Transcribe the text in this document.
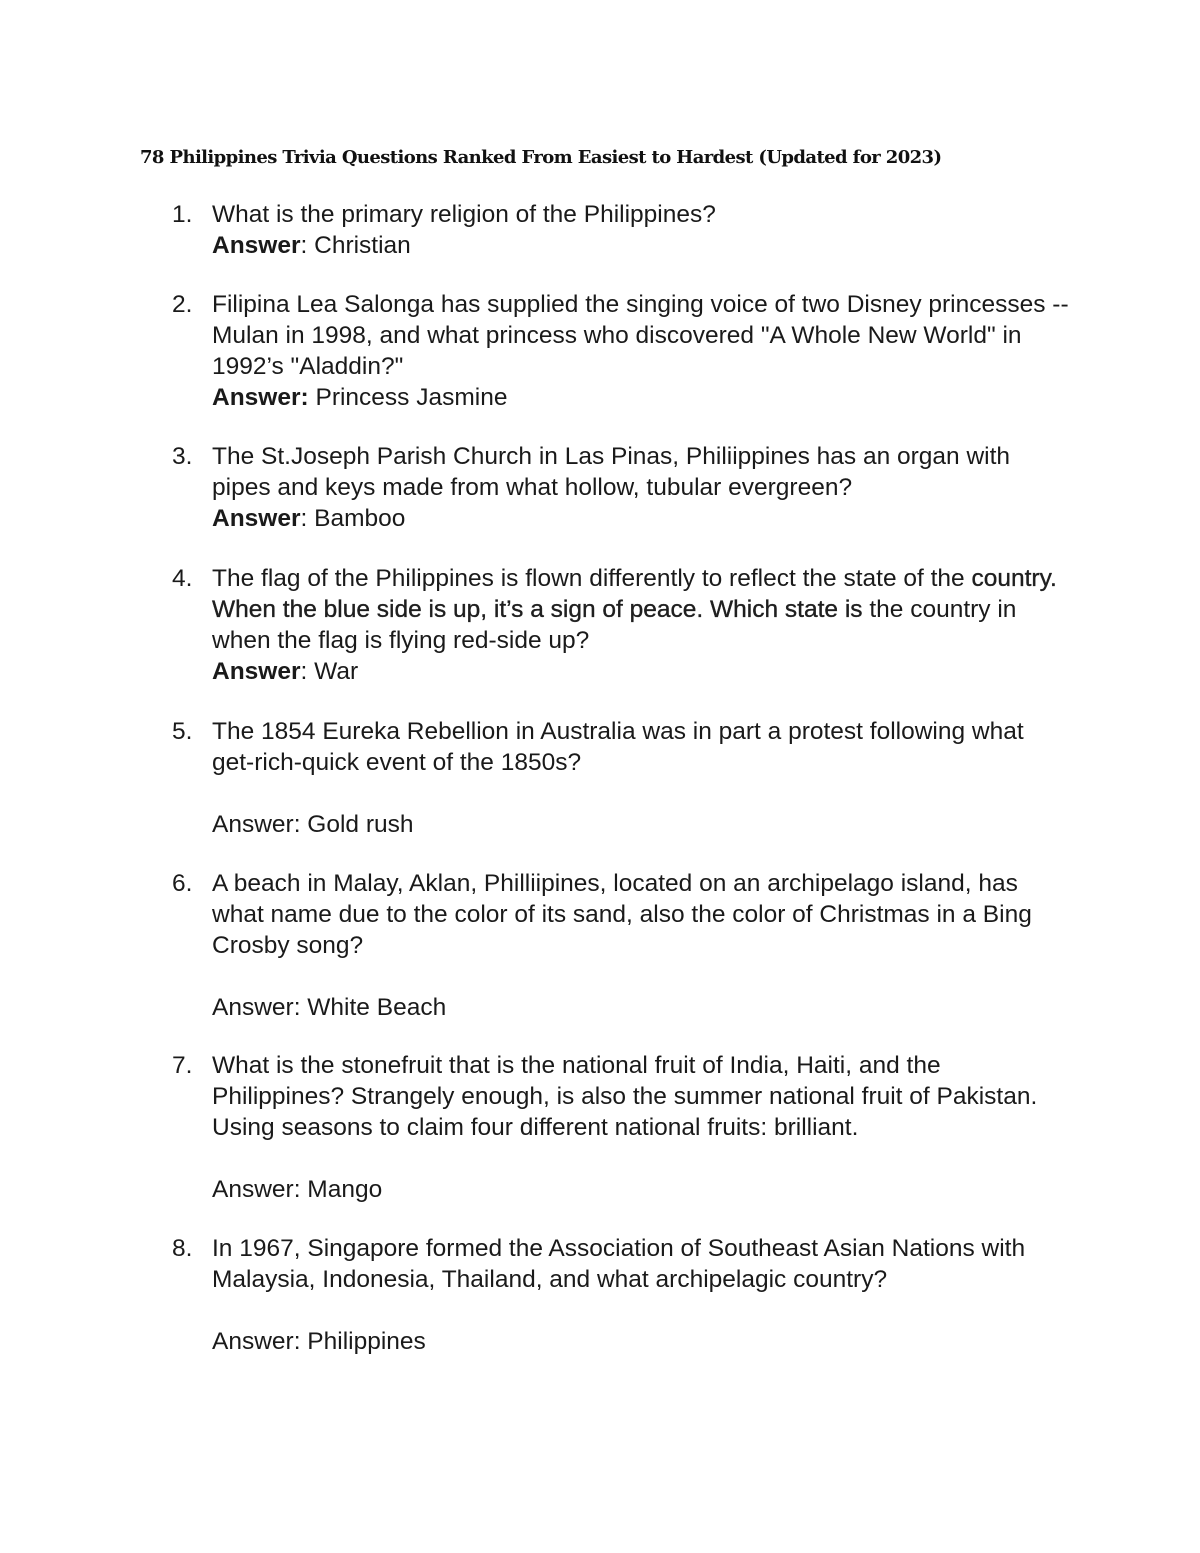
78 Philippines Trivia Questions Ranked From Easiest to Hardest (Updated for 2023)
1. What is the primary religion of the Philippines?
Answer: Christian
2. Filipina Lea Salonga has supplied the singing voice of two Disney princesses -- Mulan in 1998, and what princess who discovered "A Whole New World" in 1992’s "Aladdin?"
Answer: Princess Jasmine
3. The St.Joseph Parish Church in Las Pinas, Philiippines has an organ with pipes and keys made from what hollow, tubular evergreen?
Answer: Bamboo
4. The flag of the Philippines is flown differently to reflect the state of the country. When the blue side is up, it’s a sign of peace. Which state is the country in when the flag is flying red-side up?
Answer: War
5. The 1854 Eureka Rebellion in Australia was in part a protest following what get-rich-quick event of the 1850s?
Answer: Gold rush
6. A beach in Malay, Aklan, Philliipines, located on an archipelago island, has what name due to the color of its sand, also the color of Christmas in a Bing Crosby song?
Answer: White Beach
7. What is the stonefruit that is the national fruit of India, Haiti, and the Philippines? Strangely enough, is also the summer national fruit of Pakistan. Using seasons to claim four different national fruits: brilliant.
Answer: Mango
8. In 1967, Singapore formed the Association of Southeast Asian Nations with Malaysia, Indonesia, Thailand, and what archipelagic country?
Answer: Philippines
